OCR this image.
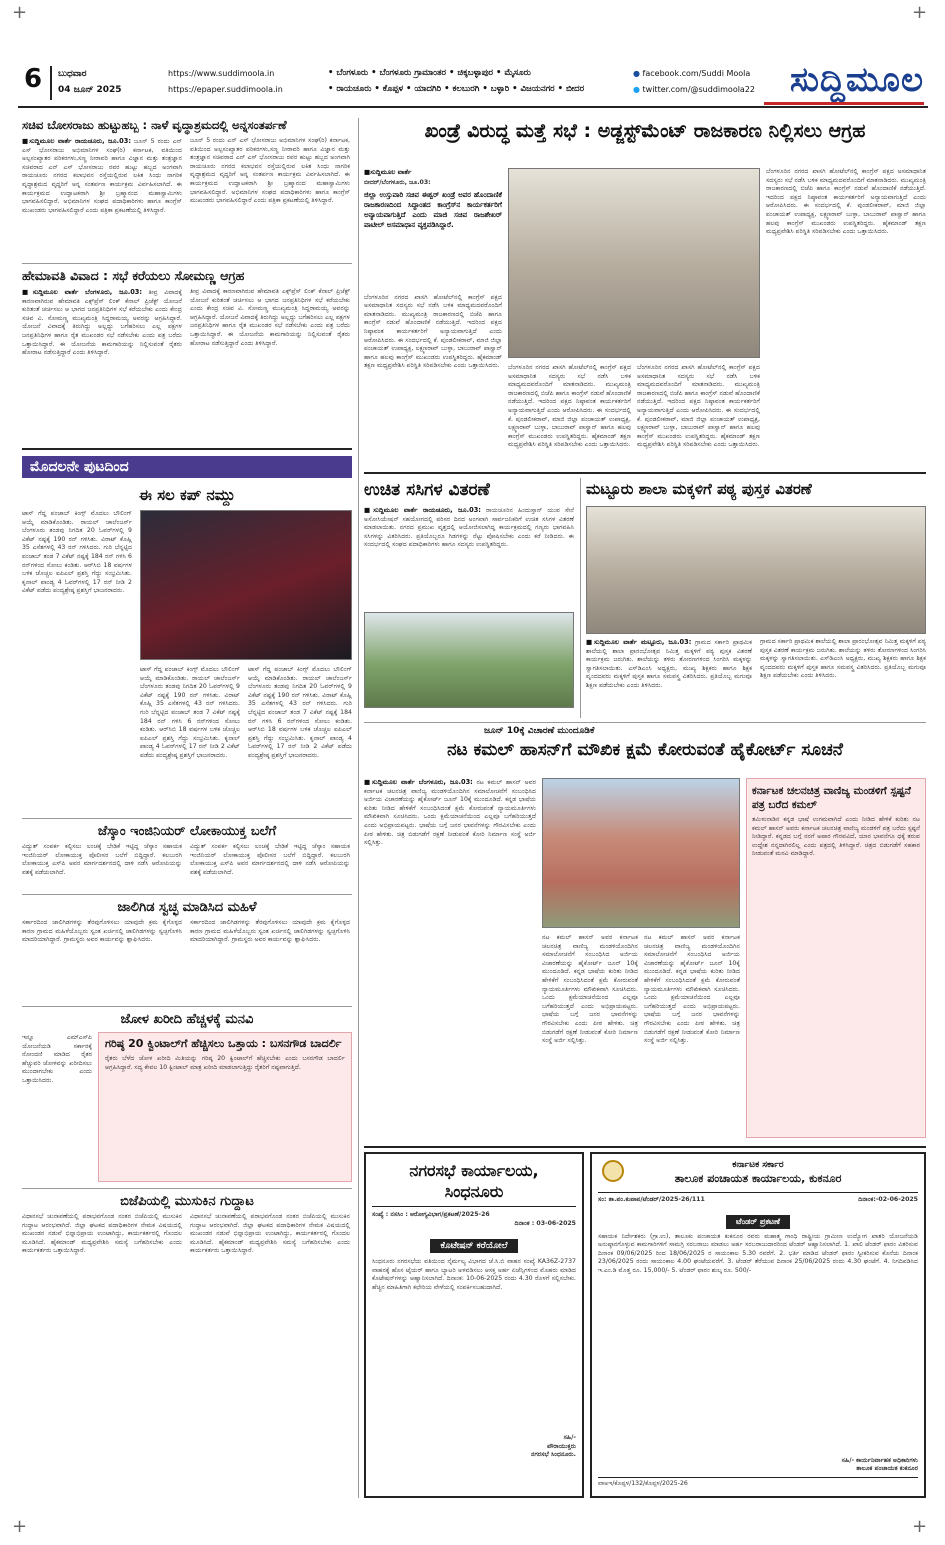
+	+
+	+
6 ಬುಧವಾರ
04 ಜೂನ್ 2025
https://www.suddimoola.in
https://epaper.suddimoola.in
• ಬೆಂಗಳೂರು • ಬೆಂಗಳೂರು ಗ್ರಾಮಾಂತರ • ಚಿಕ್ಕಬಳ್ಳಾಪುರ • ಮೈಸೂರು
• ರಾಯಚೂರು • ಕೊಪ್ಪಳ • ಯಾದಗಿರಿ • ಕಲಬುರಗಿ • ಬಳ್ಳಾರಿ • ವಿಜಯನಗರ • ಬೀದರ
● facebook.com/Suddi Moola
● twitter.com/@suddimoola22 ಸುದ್ದಿಮೂಲ
ಸಚಿವ ಬೋಸರಾಜು ಹುಟ್ಟುಹಬ್ಬ : ನಾಳೆ ವೃದ್ಧಾಶ್ರಮದಲ್ಲಿ ಅನ್ನಸಂತರ್ಪಣೆ
■ಸುದ್ದಿಮೂಲ ವಾರ್ತೆ ರಾಯಚೂರು, ಜೂ.03: ಜೂನ್ 5 ರಂದು ಎನ್ ಎಸ್ ಭೋಸರಾಜು ಅಭಿಮಾನಿಗಳ ಸಂಘ(ರಿ) ಕರ್ನಾಟಕ, ವತಿಯಿಂದ ಅಲ್ಪಸಂಖ್ಯಾತರ ಪರಿಕರಗಳು,ಸಣ್ಣ ನೀರಾವರಿ ಹಾಗೂ ವಿಜ್ಞಾನ ಮತ್ತು ತಂತ್ರಜ್ಞಾನ ಸಚಿವರಾದ ಎನ್ ಎಸ್ ಭೋಸರಾಜು ರವರ ಹುಟ್ಟು ಹಬ್ಬದ ಅಂಗವಾಗಿ ರಾಯಚೂರು ನಗರದ ಕಲಾಭವನ ರಸ್ತೆಯಲ್ಲಿರುವ ಲಕಿತ ಸಿಂಧು ನಾಗರಿಕ ವೃದ್ಧಾಶ್ರಮದ ವೃದ್ಧರಿಗೆ ಅನ್ನ ಸಂತರ್ಪಣ ಕಾರ್ಯಕ್ರಮ ವಿರ್ವಹಿಸಲಾಗಿದೆ. ಈ ಕಾರ್ಯಕ್ರಮದ ಉದ್ಘಾಟಕರಾಗಿ ಶ್ರೀ ಬ್ರಹ್ಮಾನಂದ ಮಹಾಸ್ವಾಮಿಗಳು ಭಾಗವಹಿಸಲಿದ್ದಾರೆ. ಅಭಿಮಾನಿಗಳ ಸಂಘದ ಪದಾಧಿಕಾರಿಗಳು ಹಾಗೂ ಕಾಂಗ್ರೆಸ್ ಮುಖಂಡರು ಭಾಗವಹಿಸಲಿದ್ದಾರೆ ಎಂದು ಪತ್ರಿಕಾ ಪ್ರಕಟಣೆಯಲ್ಲಿ ತಿಳಿಸಿದ್ದಾರೆ.
ಜೂನ್ 5 ರಂದು ಎನ್ ಎಸ್ ಭೋಸರಾಜು ಅಭಿಮಾನಿಗಳ ಸಂಘ(ರಿ) ಕರ್ನಾಟಕ, ವತಿಯಿಂದ ಅಲ್ಪಸಂಖ್ಯಾತರ ಪರಿಕರಗಳು,ಸಣ್ಣ ನೀರಾವರಿ ಹಾಗೂ ವಿಜ್ಞಾನ ಮತ್ತು ತಂತ್ರಜ್ಞಾನ ಸಚಿವರಾದ ಎನ್ ಎಸ್ ಭೋಸರಾಜು ರವರ ಹುಟ್ಟು ಹಬ್ಬದ ಅಂಗವಾಗಿ ರಾಯಚೂರು ನಗರದ ಕಲಾಭವನ ರಸ್ತೆಯಲ್ಲಿರುವ ಲಕಿತ ಸಿಂಧು ನಾಗರಿಕ ವೃದ್ಧಾಶ್ರಮದ ವೃದ್ಧರಿಗೆ ಅನ್ನ ಸಂತರ್ಪಣ ಕಾರ್ಯಕ್ರಮ ವಿರ್ವಹಿಸಲಾಗಿದೆ. ಈ ಕಾರ್ಯಕ್ರಮದ ಉದ್ಘಾಟಕರಾಗಿ ಶ್ರೀ ಬ್ರಹ್ಮಾನಂದ ಮಹಾಸ್ವಾಮಿಗಳು ಭಾಗವಹಿಸಲಿದ್ದಾರೆ. ಅಭಿಮಾನಿಗಳ ಸಂಘದ ಪದಾಧಿಕಾರಿಗಳು ಹಾಗೂ ಕಾಂಗ್ರೆಸ್ ಮುಖಂಡರು ಭಾಗವಹಿಸಲಿದ್ದಾರೆ ಎಂದು ಪತ್ರಿಕಾ ಪ್ರಕಟಣೆಯಲ್ಲಿ ತಿಳಿಸಿದ್ದಾರೆ.
ಹೇಮಾವತಿ ವಿವಾದ : ಸಭೆ ಕರೆಯಲು ಸೋಮಣ್ಣ ಆಗ್ರಹ
■ಸುದ್ದಿಮೂಲ ವಾರ್ತೆ ಬೆಂಗಳೂರು, ಜೂ.03: ತೀವ್ರ ವಿವಾದಕ್ಕೆ ಕಾರಣವಾಗಿರುವ ಹೇಮಾವತಿ ಎಕ್ಸ್‌ಪ್ರೆಸ್ ಲಿಂಕ್ ಕೆನಾಲ್ ಪ್ರಿಜೆಕ್ಟ್ ಯೋಜನೆ ಕುರಿತಂತೆ ಚರ್ಚಿಸಲು ಆ ಭಾಗದ ಜನಪ್ರತಿನಿಧಿಗಳ ಸಭೆ ಕರೆಯಬೇಕು ಎಂದು ಕೇಂದ್ರ ಸಚಿವ ವಿ. ಸೋಮಣ್ಣ ಮುಖ್ಯಮಂತ್ರಿ ಸಿದ್ದರಾಮಯ್ಯ ಅವರನ್ನು ಆಗ್ರಹಿಸಿದ್ದಾರೆ. ಯೋಜನೆ ವಿವಾದಕ್ಕೆ ತಿರುಗಿದ್ದು ಅಲ್ಲದ್ದು ಬಗೆಹರಿಸಲು ಎಲ್ಲ ಪಕ್ಷಗಳ ಜನಪ್ರತಿನಿಧಿಗಳ ಹಾಗೂ ರೈತ ಮುಖಂಡರ ಸಭೆ ನಡೆಸಬೇಕು ಎಂದು ಪತ್ರ ಬರೆದು ಒತ್ತಾಯಿಸಿದ್ದಾರೆ. ಈ ಯೋಜನೆಯ ಕಾಮಗಾರಿಯನ್ನು ನಿಲ್ಲಿಸುವಂತೆ ರೈತರು ಹೋರಾಟ ನಡೆಸುತ್ತಿದ್ದಾರೆ ಎಂದು ತಿಳಿಸಿದ್ದಾರೆ.
ತೀವ್ರ ವಿವಾದಕ್ಕೆ ಕಾರಣವಾಗಿರುವ ಹೇಮಾವತಿ ಎಕ್ಸ್‌ಪ್ರೆಸ್ ಲಿಂಕ್ ಕೆನಾಲ್ ಪ್ರಿಜೆಕ್ಟ್ ಯೋಜನೆ ಕುರಿತಂತೆ ಚರ್ಚಿಸಲು ಆ ಭಾಗದ ಜನಪ್ರತಿನಿಧಿಗಳ ಸಭೆ ಕರೆಯಬೇಕು ಎಂದು ಕೇಂದ್ರ ಸಚಿವ ವಿ. ಸೋಮಣ್ಣ ಮುಖ್ಯಮಂತ್ರಿ ಸಿದ್ದರಾಮಯ್ಯ ಅವರನ್ನು ಆಗ್ರಹಿಸಿದ್ದಾರೆ. ಯೋಜನೆ ವಿವಾದಕ್ಕೆ ತಿರುಗಿದ್ದು ಅಲ್ಲದ್ದು ಬಗೆಹರಿಸಲು ಎಲ್ಲ ಪಕ್ಷಗಳ ಜನಪ್ರತಿನಿಧಿಗಳ ಹಾಗೂ ರೈತ ಮುಖಂಡರ ಸಭೆ ನಡೆಸಬೇಕು ಎಂದು ಪತ್ರ ಬರೆದು ಒತ್ತಾಯಿಸಿದ್ದಾರೆ. ಈ ಯೋಜನೆಯ ಕಾಮಗಾರಿಯನ್ನು ನಿಲ್ಲಿಸುವಂತೆ ರೈತರು ಹೋರಾಟ ನಡೆಸುತ್ತಿದ್ದಾರೆ ಎಂದು ತಿಳಿಸಿದ್ದಾರೆ.
ಮೊದಲನೇ ಪುಟದಿಂದ
ಈ ಸಲ ಕಪ್ ನಮ್ದು
ಟಾಸ್ ಗೆದ್ದ ಪಂಜಾಬ್ ಕಿಂಗ್ಸ್ ಮೊದಲು ಬೌಲಿಂಗ್ ಆಯ್ಕೆ ಮಾಡಿಕೊಂಡಿತು. ರಾಯಲ್ ಚಾಲೆಂಜರ್ಸ್ ಬೆಂಗಳೂರು ತಂಡವು ನಿಗದಿತ 20 ಓವರ್‌ಗಳಲ್ಲಿ 9 ವಿಕೆಟ್ ನಷ್ಟಕ್ಕೆ 190 ರನ್ ಗಳಿಸಿತು. ವಿರಾಟ್ ಕೊಹ್ಲಿ 35 ಎಸೆತಗಳಲ್ಲಿ 43 ರನ್ ಗಳಿಸಿದರು. ಗುರಿ ಬೆನ್ನಟ್ಟಿದ ಪಂಜಾಬ್ ತಂಡ 7 ವಿಕೆಟ್ ನಷ್ಟಕ್ಕೆ 184 ರನ್ ಗಳಿಸಿ 6 ರನ್‌ಗಳಿಂದ ಸೋಲು ಕಂಡಿತು. ಆರ್‌ಸಿಬಿ 18 ವರ್ಷಗಳ ಬಳಿಕ ಚೊಚ್ಚಲ ಐಪಿಎಲ್ ಪ್ರಶಸ್ತಿ ಗೆದ್ದು ಸಂಭ್ರಮಿಸಿತು. ಕೃನಾಲ್ ಪಾಂಡ್ಯ 4 ಓವರ್‌ಗಳಲ್ಲಿ 17 ರನ್ ನೀಡಿ 2 ವಿಕೆಟ್ ಪಡೆದು ಪಂದ್ಯಶ್ರೇಷ್ಠ ಪ್ರಶಸ್ತಿಗೆ ಭಾಜನರಾದರು.
ಟಾಸ್ ಗೆದ್ದ ಪಂಜಾಬ್ ಕಿಂಗ್ಸ್ ಮೊದಲು ಬೌಲಿಂಗ್ ಆಯ್ಕೆ ಮಾಡಿಕೊಂಡಿತು. ರಾಯಲ್ ಚಾಲೆಂಜರ್ಸ್ ಬೆಂಗಳೂರು ತಂಡವು ನಿಗದಿತ 20 ಓವರ್‌ಗಳಲ್ಲಿ 9 ವಿಕೆಟ್ ನಷ್ಟಕ್ಕೆ 190 ರನ್ ಗಳಿಸಿತು. ವಿರಾಟ್ ಕೊಹ್ಲಿ 35 ಎಸೆತಗಳಲ್ಲಿ 43 ರನ್ ಗಳಿಸಿದರು. ಗುರಿ ಬೆನ್ನಟ್ಟಿದ ಪಂಜಾಬ್ ತಂಡ 7 ವಿಕೆಟ್ ನಷ್ಟಕ್ಕೆ 184 ರನ್ ಗಳಿಸಿ 6 ರನ್‌ಗಳಿಂದ ಸೋಲು ಕಂಡಿತು. ಆರ್‌ಸಿಬಿ 18 ವರ್ಷಗಳ ಬಳಿಕ ಚೊಚ್ಚಲ ಐಪಿಎಲ್ ಪ್ರಶಸ್ತಿ ಗೆದ್ದು ಸಂಭ್ರಮಿಸಿತು. ಕೃನಾಲ್ ಪಾಂಡ್ಯ 4 ಓವರ್‌ಗಳಲ್ಲಿ 17 ರನ್ ನೀಡಿ 2 ವಿಕೆಟ್ ಪಡೆದು ಪಂದ್ಯಶ್ರೇಷ್ಠ ಪ್ರಶಸ್ತಿಗೆ ಭಾಜನರಾದರು.
ಟಾಸ್ ಗೆದ್ದ ಪಂಜಾಬ್ ಕಿಂಗ್ಸ್ ಮೊದಲು ಬೌಲಿಂಗ್ ಆಯ್ಕೆ ಮಾಡಿಕೊಂಡಿತು. ರಾಯಲ್ ಚಾಲೆಂಜರ್ಸ್ ಬೆಂಗಳೂರು ತಂಡವು ನಿಗದಿತ 20 ಓವರ್‌ಗಳಲ್ಲಿ 9 ವಿಕೆಟ್ ನಷ್ಟಕ್ಕೆ 190 ರನ್ ಗಳಿಸಿತು. ವಿರಾಟ್ ಕೊಹ್ಲಿ 35 ಎಸೆತಗಳಲ್ಲಿ 43 ರನ್ ಗಳಿಸಿದರು. ಗುರಿ ಬೆನ್ನಟ್ಟಿದ ಪಂಜಾಬ್ ತಂಡ 7 ವಿಕೆಟ್ ನಷ್ಟಕ್ಕೆ 184 ರನ್ ಗಳಿಸಿ 6 ರನ್‌ಗಳಿಂದ ಸೋಲು ಕಂಡಿತು. ಆರ್‌ಸಿಬಿ 18 ವರ್ಷಗಳ ಬಳಿಕ ಚೊಚ್ಚಲ ಐಪಿಎಲ್ ಪ್ರಶಸ್ತಿ ಗೆದ್ದು ಸಂಭ್ರಮಿಸಿತು. ಕೃನಾಲ್ ಪಾಂಡ್ಯ 4 ಓವರ್‌ಗಳಲ್ಲಿ 17 ರನ್ ನೀಡಿ 2 ವಿಕೆಟ್ ಪಡೆದು ಪಂದ್ಯಶ್ರೇಷ್ಠ ಪ್ರಶಸ್ತಿಗೆ ಭಾಜನರಾದರು.
ಜೆಸ್ಕಾಂ ಇಂಜಿನಿಯರ್ ಲೋಕಾಯುಕ್ತ ಬಲೆಗೆ
ವಿದ್ಯುತ್ ಸಂಪರ್ಕ ಕಲ್ಪಿಸಲು ಲಂಚಕ್ಕೆ ಬೇಡಿಕೆ ಇಟ್ಟಿದ್ದ ಜೆಸ್ಕಾಂ ಸಹಾಯಕ ಇಂಜಿನಿಯರ್ ಲೋಕಾಯುಕ್ತ ಪೊಲೀಸರ ಬಲೆಗೆ ಬಿದ್ದಿದ್ದಾರೆ. ಕಲಬುರಗಿ ಲೋಕಾಯುಕ್ತ ಎಸ್‌ಪಿ ಅವರ ಮಾರ್ಗದರ್ಶನದಲ್ಲಿ ದಾಳಿ ನಡೆಸಿ ಆರೋಪಿಯನ್ನು ವಶಕ್ಕೆ ಪಡೆಯಲಾಗಿದೆ.
ವಿದ್ಯುತ್ ಸಂಪರ್ಕ ಕಲ್ಪಿಸಲು ಲಂಚಕ್ಕೆ ಬೇಡಿಕೆ ಇಟ್ಟಿದ್ದ ಜೆಸ್ಕಾಂ ಸಹಾಯಕ ಇಂಜಿನಿಯರ್ ಲೋಕಾಯುಕ್ತ ಪೊಲೀಸರ ಬಲೆಗೆ ಬಿದ್ದಿದ್ದಾರೆ. ಕಲಬುರಗಿ ಲೋಕಾಯುಕ್ತ ಎಸ್‌ಪಿ ಅವರ ಮಾರ್ಗದರ್ಶನದಲ್ಲಿ ದಾಳಿ ನಡೆಸಿ ಆರೋಪಿಯನ್ನು ವಶಕ್ಕೆ ಪಡೆಯಲಾಗಿದೆ.
ಜಾಲಿಗಿಡ ಸ್ವಚ್ಛ ಮಾಡಿಸಿದ ಮಹಿಳೆ
ಸರ್ಕಾರದಿಂದ ಜಾಲಿಗಿಡಗಳನ್ನು ತೆರವುಗೊಳಿಸಲು ಯಾವುದೇ ಕ್ರಮ ಕೈಗೊಳ್ಳದ ಕಾರಣ ಗ್ರಾಮದ ಮಹಿಳೆಯೊಬ್ಬರು ಸ್ವಂತ ಖರ್ಚಿನಲ್ಲಿ ಜಾಲಿಗಿಡಗಳನ್ನು ಸ್ವಚ್ಛಗೊಳಿಸಿ ಮಾದರಿಯಾಗಿದ್ದಾರೆ. ಗ್ರಾಮಸ್ಥರು ಅವರ ಕಾರ್ಯವನ್ನು ಶ್ಲಾಘಿಸಿದರು.
ಸರ್ಕಾರದಿಂದ ಜಾಲಿಗಿಡಗಳನ್ನು ತೆರವುಗೊಳಿಸಲು ಯಾವುದೇ ಕ್ರಮ ಕೈಗೊಳ್ಳದ ಕಾರಣ ಗ್ರಾಮದ ಮಹಿಳೆಯೊಬ್ಬರು ಸ್ವಂತ ಖರ್ಚಿನಲ್ಲಿ ಜಾಲಿಗಿಡಗಳನ್ನು ಸ್ವಚ್ಛಗೊಳಿಸಿ ಮಾದರಿಯಾಗಿದ್ದಾರೆ. ಗ್ರಾಮಸ್ಥರು ಅವರ ಕಾರ್ಯವನ್ನು ಶ್ಲಾಘಿಸಿದರು.
ಜೋಳ ಖರೀದಿ ಹೆಚ್ಚಳಕ್ಕೆ ಮನವಿ
ಇನ್ನೂ ಎಮ್‌ಎಸ್‌ಪಿ ಯೋಜನೆಯಡಿ ಸರ್ಕಾರಕ್ಕೆ ನೋಂದಣಿ ಮಾಡಿದ ರೈತರ ಹೆಚ್ಚುವರಿ ಜೋಳವನ್ನು ಖರೀದಿಸಲು ಮುಂದಾಗಬೇಕು ಎಂದು ಒತ್ತಾಯಿಸಿದರು.
ಗರಿಷ್ಠ 20 ಕ್ವಿಂಟಾಲ್‌ಗೆ ಹೆಚ್ಚಿಸಲು ಒತ್ತಾಯ : ಬಸನಗೌಡ ಬಾದರ್ಲಿ
ರೈತರು ಬೆಳೆದ ಜೋಳ ಖರೀದಿ ಮಿತಿಯನ್ನು ಗರಿಷ್ಠ 20 ಕ್ವಿಂಟಾಲ್‌ಗೆ ಹೆಚ್ಚಿಸಬೇಕು ಎಂದು ಬಸನಗೌಡ ಬಾದರ್ಲಿ ಆಗ್ರಹಿಸಿದ್ದಾರೆ. ಸದ್ಯ ಕೇವಲ 10 ಕ್ವಿಂಟಾಲ್ ಮಾತ್ರ ಖರೀದಿ ಮಾಡಲಾಗುತ್ತಿದ್ದು ರೈತರಿಗೆ ನಷ್ಟವಾಗುತ್ತಿದೆ.
ಬಿಜೆಪಿಯಲ್ಲಿ ಮುಸುಕಿನ ಗುದ್ದಾಟ
ವಿಧಾನಸಭೆ ಚುನಾವಣೆಯಲ್ಲಿ ಪರಾಭವಗೊಂಡ ನಂತರ ಬಿಜೆಪಿಯಲ್ಲಿ ಮುಸುಕಿನ ಗುದ್ದಾಟ ಆರಂಭವಾಗಿದೆ. ಜಿಲ್ಲಾ ಘಟಕದ ಪದಾಧಿಕಾರಿಗಳ ನೇಮಕ ವಿಷಯದಲ್ಲಿ ಮುಖಂಡರ ನಡುವೆ ಭಿನ್ನಾಭಿಪ್ರಾಯ ಉಂಟಾಗಿದ್ದು, ಕಾರ್ಯಕರ್ತರಲ್ಲಿ ಗೊಂದಲ ಮೂಡಿಸಿದೆ. ಹೈಕಮಾಂಡ್ ಮಧ್ಯಪ್ರವೇಶಿಸಿ ಸಮಸ್ಯೆ ಬಗೆಹರಿಸಬೇಕು ಎಂದು ಕಾರ್ಯಕರ್ತರು ಒತ್ತಾಯಿಸಿದ್ದಾರೆ.
ವಿಧಾನಸಭೆ ಚುನಾವಣೆಯಲ್ಲಿ ಪರಾಭವಗೊಂಡ ನಂತರ ಬಿಜೆಪಿಯಲ್ಲಿ ಮುಸುಕಿನ ಗುದ್ದಾಟ ಆರಂಭವಾಗಿದೆ. ಜಿಲ್ಲಾ ಘಟಕದ ಪದಾಧಿಕಾರಿಗಳ ನೇಮಕ ವಿಷಯದಲ್ಲಿ ಮುಖಂಡರ ನಡುವೆ ಭಿನ್ನಾಭಿಪ್ರಾಯ ಉಂಟಾಗಿದ್ದು, ಕಾರ್ಯಕರ್ತರಲ್ಲಿ ಗೊಂದಲ ಮೂಡಿಸಿದೆ. ಹೈಕಮಾಂಡ್ ಮಧ್ಯಪ್ರವೇಶಿಸಿ ಸಮಸ್ಯೆ ಬಗೆಹರಿಸಬೇಕು ಎಂದು ಕಾರ್ಯಕರ್ತರು ಒತ್ತಾಯಿಸಿದ್ದಾರೆ.
ಖಂಡ್ರೆ ವಿರುದ್ಧ ಮತ್ತೆ ಸಭೆ : ಅಡ್ಜಸ್ಟ್‌ಮೆಂಟ್ ರಾಜಕಾರಣ ನಿಲ್ಲಿಸಲು ಆಗ್ರಹ
■ಸುದ್ದಿಮೂಲ ವಾರ್ತೆ
ಬೀದರ್/ಬೆಂಗಳೂರು, ಜೂ.03:
ಜಿಲ್ಲಾ ಉಸ್ತುವಾರಿ ಸಚಿವ ಈಶ್ವರ್ ಖಂಡ್ರೆ ಅವರ ಹೊಂದಾಣಿಕೆ ರಾಜಕಾರಣದಿಂದ ಸಿದ್ಧಾಂತದ ಕಾಂಗ್ರೆಸ್‌ನ ಕಾರ್ಯಕರ್ತರಿಗೆ ಅನ್ಯಾಯವಾಗುತ್ತಿದೆ ಎಂದು ಮಾಜಿ ಸಚಿವ ರಾಜಶೇಖರ್ ಪಾಟೀಲ್ ಅಸಮಾಧಾನ ವ್ಯಕ್ತಪಡಿಸಿದ್ದಾರೆ.
ಬೆಂಗಳೂರಿನ ನಗರದ ಖಾಸಗಿ ಹೋಟೆಲ್‌ನಲ್ಲಿ ಕಾಂಗ್ರೆಸ್ ಪಕ್ಷದ ಅಸಮಾಧಾನಿತ ಸದಸ್ಯರು ಸಭೆ ನಡೆಸಿ ಬಳಿಕ ಮಾಧ್ಯಮದವರೊಂದಿಗೆ ಮಾತನಾಡಿದರು. ಮುಖ್ಯಮಂತ್ರಿ ರಾಜಕಾರಣದಲ್ಲಿ ಬಿಜೆಪಿ ಹಾಗೂ ಕಾಂಗ್ರೆಸ್ ನಡುವೆ ಹೊಂದಾಣಿಕೆ ನಡೆಯುತ್ತಿದೆ. ಇದರಿಂದ ಪಕ್ಷದ ನಿಷ್ಠಾವಂತ ಕಾರ್ಯಕರ್ತರಿಗೆ ಅನ್ಯಾಯವಾಗುತ್ತಿದೆ ಎಂದು ಆರೋಪಿಸಿದರು. ಈ ಸಂದರ್ಭದಲ್ಲಿ ಕೆ. ಪುಂಡಲೀಕರಾವ್, ಮಾಜಿ ಜಿಲ್ಲಾ ಪಂಚಾಯತ್ ಉಪಾಧ್ಯಕ್ಷ, ಲಕ್ಷ್ಮಣರಾವ್ ಬುಳ್ಳಾ, ಬಾಬುರಾವ್ ಪಾಸ್ವಾನ್ ಹಾಗೂ ಹಲವು ಕಾಂಗ್ರೆಸ್ ಮುಖಂಡರು ಉಪಸ್ಥಿತರಿದ್ದರು. ಹೈಕಮಾಂಡ್ ತಕ್ಷಣ ಮಧ್ಯಪ್ರವೇಶಿಸಿ ಪರಿಸ್ಥಿತಿ ಸರಿಪಡಿಸಬೇಕು ಎಂದು ಒತ್ತಾಯಿಸಿದರು.	ಬೆಂಗಳೂರಿನ ನಗರದ ಖಾಸಗಿ ಹೋಟೆಲ್‌ನಲ್ಲಿ ಕಾಂಗ್ರೆಸ್ ಪಕ್ಷದ ಅಸಮಾಧಾನಿತ ಸದಸ್ಯರು ಸಭೆ ನಡೆಸಿ ಬಳಿಕ ಮಾಧ್ಯಮದವರೊಂದಿಗೆ ಮಾತನಾಡಿದರು. ಮುಖ್ಯಮಂತ್ರಿ ರಾಜಕಾರಣದಲ್ಲಿ ಬಿಜೆಪಿ ಹಾಗೂ ಕಾಂಗ್ರೆಸ್ ನಡುವೆ ಹೊಂದಾಣಿಕೆ ನಡೆಯುತ್ತಿದೆ. ಇದರಿಂದ ಪಕ್ಷದ ನಿಷ್ಠಾವಂತ ಕಾರ್ಯಕರ್ತರಿಗೆ ಅನ್ಯಾಯವಾಗುತ್ತಿದೆ ಎಂದು ಆರೋಪಿಸಿದರು. ಈ ಸಂದರ್ಭದಲ್ಲಿ ಕೆ. ಪುಂಡಲೀಕರಾವ್, ಮಾಜಿ ಜಿಲ್ಲಾ ಪಂಚಾಯತ್ ಉಪಾಧ್ಯಕ್ಷ, ಲಕ್ಷ್ಮಣರಾವ್ ಬುಳ್ಳಾ, ಬಾಬುರಾವ್ ಪಾಸ್ವಾನ್ ಹಾಗೂ ಹಲವು ಕಾಂಗ್ರೆಸ್ ಮುಖಂಡರು ಉಪಸ್ಥಿತರಿದ್ದರು. ಹೈಕಮಾಂಡ್ ತಕ್ಷಣ ಮಧ್ಯಪ್ರವೇಶಿಸಿ ಪರಿಸ್ಥಿತಿ ಸರಿಪಡಿಸಬೇಕು ಎಂದು ಒತ್ತಾಯಿಸಿದರು.
ಬೆಂಗಳೂರಿನ ನಗರದ ಖಾಸಗಿ ಹೋಟೆಲ್‌ನಲ್ಲಿ ಕಾಂಗ್ರೆಸ್ ಪಕ್ಷದ ಅಸಮಾಧಾನಿತ ಸದಸ್ಯರು ಸಭೆ ನಡೆಸಿ ಬಳಿಕ ಮಾಧ್ಯಮದವರೊಂದಿಗೆ ಮಾತನಾಡಿದರು. ಮುಖ್ಯಮಂತ್ರಿ ರಾಜಕಾರಣದಲ್ಲಿ ಬಿಜೆಪಿ ಹಾಗೂ ಕಾಂಗ್ರೆಸ್ ನಡುವೆ ಹೊಂದಾಣಿಕೆ ನಡೆಯುತ್ತಿದೆ. ಇದರಿಂದ ಪಕ್ಷದ ನಿಷ್ಠಾವಂತ ಕಾರ್ಯಕರ್ತರಿಗೆ ಅನ್ಯಾಯವಾಗುತ್ತಿದೆ ಎಂದು ಆರೋಪಿಸಿದರು. ಈ ಸಂದರ್ಭದಲ್ಲಿ ಕೆ. ಪುಂಡಲೀಕರಾವ್, ಮಾಜಿ ಜಿಲ್ಲಾ ಪಂಚಾಯತ್ ಉಪಾಧ್ಯಕ್ಷ, ಲಕ್ಷ್ಮಣರಾವ್ ಬುಳ್ಳಾ, ಬಾಬುರಾವ್ ಪಾಸ್ವಾನ್ ಹಾಗೂ ಹಲವು ಕಾಂಗ್ರೆಸ್ ಮುಖಂಡರು ಉಪಸ್ಥಿತರಿದ್ದರು. ಹೈಕಮಾಂಡ್ ತಕ್ಷಣ ಮಧ್ಯಪ್ರವೇಶಿಸಿ ಪರಿಸ್ಥಿತಿ ಸರಿಪಡಿಸಬೇಕು ಎಂದು ಒತ್ತಾಯಿಸಿದರು.
ಬೆಂಗಳೂರಿನ ನಗರದ ಖಾಸಗಿ ಹೋಟೆಲ್‌ನಲ್ಲಿ ಕಾಂಗ್ರೆಸ್ ಪಕ್ಷದ ಅಸಮಾಧಾನಿತ ಸದಸ್ಯರು ಸಭೆ ನಡೆಸಿ ಬಳಿಕ ಮಾಧ್ಯಮದವರೊಂದಿಗೆ ಮಾತನಾಡಿದರು. ಮುಖ್ಯಮಂತ್ರಿ ರಾಜಕಾರಣದಲ್ಲಿ ಬಿಜೆಪಿ ಹಾಗೂ ಕಾಂಗ್ರೆಸ್ ನಡುವೆ ಹೊಂದಾಣಿಕೆ ನಡೆಯುತ್ತಿದೆ. ಇದರಿಂದ ಪಕ್ಷದ ನಿಷ್ಠಾವಂತ ಕಾರ್ಯಕರ್ತರಿಗೆ ಅನ್ಯಾಯವಾಗುತ್ತಿದೆ ಎಂದು ಆರೋಪಿಸಿದರು. ಈ ಸಂದರ್ಭದಲ್ಲಿ ಕೆ. ಪುಂಡಲೀಕರಾವ್, ಮಾಜಿ ಜಿಲ್ಲಾ ಪಂಚಾಯತ್ ಉಪಾಧ್ಯಕ್ಷ, ಲಕ್ಷ್ಮಣರಾವ್ ಬುಳ್ಳಾ, ಬಾಬುರಾವ್ ಪಾಸ್ವಾನ್ ಹಾಗೂ ಹಲವು ಕಾಂಗ್ರೆಸ್ ಮುಖಂಡರು ಉಪಸ್ಥಿತರಿದ್ದರು. ಹೈಕಮಾಂಡ್ ತಕ್ಷಣ ಮಧ್ಯಪ್ರವೇಶಿಸಿ ಪರಿಸ್ಥಿತಿ ಸರಿಪಡಿಸಬೇಕು ಎಂದು ಒತ್ತಾಯಿಸಿದರು.
ಉಚಿತ ಸಸಿಗಳ ವಿತರಣೆ
■ಸುದ್ದಿಮೂಲ ವಾರ್ತೆ ರಾಯಚೂರು, ಜೂ.03: ರಾಯಚೂರಿನ ಹಿಂದುಸ್ತಾನ್ ಯುವ ಸೇನೆ ಅಸೋಸಿಯೇಷನ್ ಸಹಯೋಗದಲ್ಲಿ ಪರಿಸರ ದಿನದ ಅಂಗವಾಗಿ ಸಾರ್ವಜನಿಕರಿಗೆ ಉಚಿತ ಸಸಿಗಳ ವಿತರಣೆ ಮಾಡಲಾಯಿತು. ನಗರದ ಪ್ರಮುಖ ವೃತ್ತದಲ್ಲಿ ಆಯೋಜಿಸಲಾಗಿದ್ದ ಕಾರ್ಯಕ್ರಮದಲ್ಲಿ ಗಣ್ಯರು ಭಾಗವಹಿಸಿ ಸಸಿಗಳನ್ನು ವಿತರಿಸಿದರು. ಪ್ರತಿಯೊಬ್ಬರೂ ಗಿಡಗಳನ್ನು ನೆಟ್ಟು ಪೋಷಿಸಬೇಕು ಎಂದು ಕರೆ ನೀಡಿದರು. ಈ ಸಂದರ್ಭದಲ್ಲಿ ಸಂಘದ ಪದಾಧಿಕಾರಿಗಳು ಹಾಗೂ ಸದಸ್ಯರು ಉಪಸ್ಥಿತರಿದ್ದರು.
ಮಟ್ಟೂರು ಶಾಲಾ ಮಕ್ಕಳಿಗೆ ಪಠ್ಯ ಪುಸ್ತಕ ವಿತರಣೆ
■ಸುದ್ದಿಮೂಲ ವಾರ್ತೆ ಮಟ್ಟೂರು, ಜೂ.03: ಗ್ರಾಮದ ಸರ್ಕಾರಿ ಪ್ರಾಥಮಿಕ ಶಾಲೆಯಲ್ಲಿ ಶಾಲಾ ಪ್ರಾರಂಭೋತ್ಸವ ನಿಮಿತ್ತ ಮಕ್ಕಳಿಗೆ ಪಠ್ಯ ಪುಸ್ತಕ ವಿತರಣೆ ಕಾರ್ಯಕ್ರಮ ಜರುಗಿತು. ಶಾಲೆಯನ್ನು ತಳಿರು ತೋರಣಗಳಿಂದ ಸಿಂಗರಿಸಿ ಮಕ್ಕಳನ್ನು ಸ್ವಾಗತಿಸಲಾಯಿತು. ಎಸ್‌ಡಿಎಂಸಿ ಅಧ್ಯಕ್ಷರು, ಮುಖ್ಯ ಶಿಕ್ಷಕರು ಹಾಗೂ ಶಿಕ್ಷಕ ವೃಂದದವರು ಮಕ್ಕಳಿಗೆ ಪುಸ್ತಕ ಹಾಗೂ ಸಮವಸ್ತ್ರ ವಿತರಿಸಿದರು. ಪ್ರತಿಯೊಬ್ಬ ಮಗುವೂ ಶಿಕ್ಷಣ ಪಡೆಯಬೇಕು ಎಂದು ತಿಳಿಸಿದರು.
ಗ್ರಾಮದ ಸರ್ಕಾರಿ ಪ್ರಾಥಮಿಕ ಶಾಲೆಯಲ್ಲಿ ಶಾಲಾ ಪ್ರಾರಂಭೋತ್ಸವ ನಿಮಿತ್ತ ಮಕ್ಕಳಿಗೆ ಪಠ್ಯ ಪುಸ್ತಕ ವಿತರಣೆ ಕಾರ್ಯಕ್ರಮ ಜರುಗಿತು. ಶಾಲೆಯನ್ನು ತಳಿರು ತೋರಣಗಳಿಂದ ಸಿಂಗರಿಸಿ ಮಕ್ಕಳನ್ನು ಸ್ವಾಗತಿಸಲಾಯಿತು. ಎಸ್‌ಡಿಎಂಸಿ ಅಧ್ಯಕ್ಷರು, ಮುಖ್ಯ ಶಿಕ್ಷಕರು ಹಾಗೂ ಶಿಕ್ಷಕ ವೃಂದದವರು ಮಕ್ಕಳಿಗೆ ಪುಸ್ತಕ ಹಾಗೂ ಸಮವಸ್ತ್ರ ವಿತರಿಸಿದರು. ಪ್ರತಿಯೊಬ್ಬ ಮಗುವೂ ಶಿಕ್ಷಣ ಪಡೆಯಬೇಕು ಎಂದು ತಿಳಿಸಿದರು.
ಜೂನ್ 10ಕ್ಕೆ ವಿಚಾರಣೆ ಮುಂದೂಡಿಕೆ
ನಟ ಕಮಲ್ ಹಾಸನ್‌ಗೆ ಮೌಖಿಕ ಕ್ಷಮೆ ಕೋರುವಂತೆ ಹೈಕೋರ್ಟ್ ಸೂಚನೆ
■ಸುದ್ದಿಮೂಲ ವಾರ್ತೆ ಬೆಂಗಳೂರು, ಜೂ.03: ನಟ ಕಮಲ್ ಹಾಸನ್ ಅವರ ಕರ್ನಾಟಕ ಚಲನಚಿತ್ರ ವಾಣಿಜ್ಯ ಮಂಡಳಿಯೊಂದಿಗಿನ ಸಮಾಲೋಚನೆಗೆ ಸಂಬಂಧಿಸಿದ ಅರ್ಜಿಯ ವಿಚಾರಣೆಯನ್ನು ಹೈಕೋರ್ಟ್ ಜೂನ್ 10ಕ್ಕೆ ಮುಂದೂಡಿದೆ. ಕನ್ನಡ ಭಾಷೆಯ ಕುರಿತು ನೀಡಿದ ಹೇಳಿಕೆಗೆ ಸಂಬಂಧಿಸಿದಂತೆ ಕ್ಷಮೆ ಕೋರುವಂತೆ ನ್ಯಾಯಮೂರ್ತಿಗಳು ಮೌಖಿಕವಾಗಿ ಸೂಚಿಸಿದರು. ಒಂದು ಕ್ಷಮೆಯಾಚನೆಯಿಂದ ಎಲ್ಲವೂ ಬಗೆಹರಿಯುತ್ತದೆ ಎಂದು ಅಭಿಪ್ರಾಯಪಟ್ಟರು. ಭಾಷೆಯ ಬಗ್ಗೆ ಜನರ ಭಾವನೆಗಳನ್ನು ಗೌರವಿಸಬೇಕು ಎಂದು ಪೀಠ ಹೇಳಿತು. ಚಿತ್ರ ಬಿಡುಗಡೆಗೆ ರಕ್ಷಣೆ ನೀಡುವಂತೆ ಕೋರಿ ನಿರ್ಮಾಣ ಸಂಸ್ಥೆ ಅರ್ಜಿ ಸಲ್ಲಿಸಿತ್ತು.
ನಟ ಕಮಲ್ ಹಾಸನ್ ಅವರ ಕರ್ನಾಟಕ ಚಲನಚಿತ್ರ ವಾಣಿಜ್ಯ ಮಂಡಳಿಯೊಂದಿಗಿನ ಸಮಾಲೋಚನೆಗೆ ಸಂಬಂಧಿಸಿದ ಅರ್ಜಿಯ ವಿಚಾರಣೆಯನ್ನು ಹೈಕೋರ್ಟ್ ಜೂನ್ 10ಕ್ಕೆ ಮುಂದೂಡಿದೆ. ಕನ್ನಡ ಭಾಷೆಯ ಕುರಿತು ನೀಡಿದ ಹೇಳಿಕೆಗೆ ಸಂಬಂಧಿಸಿದಂತೆ ಕ್ಷಮೆ ಕೋರುವಂತೆ ನ್ಯಾಯಮೂರ್ತಿಗಳು ಮೌಖಿಕವಾಗಿ ಸೂಚಿಸಿದರು. ಒಂದು ಕ್ಷಮೆಯಾಚನೆಯಿಂದ ಎಲ್ಲವೂ ಬಗೆಹರಿಯುತ್ತದೆ ಎಂದು ಅಭಿಪ್ರಾಯಪಟ್ಟರು. ಭಾಷೆಯ ಬಗ್ಗೆ ಜನರ ಭಾವನೆಗಳನ್ನು ಗೌರವಿಸಬೇಕು ಎಂದು ಪೀಠ ಹೇಳಿತು. ಚಿತ್ರ ಬಿಡುಗಡೆಗೆ ರಕ್ಷಣೆ ನೀಡುವಂತೆ ಕೋರಿ ನಿರ್ಮಾಣ ಸಂಸ್ಥೆ ಅರ್ಜಿ ಸಲ್ಲಿಸಿತ್ತು.
ನಟ ಕಮಲ್ ಹಾಸನ್ ಅವರ ಕರ್ನಾಟಕ ಚಲನಚಿತ್ರ ವಾಣಿಜ್ಯ ಮಂಡಳಿಯೊಂದಿಗಿನ ಸಮಾಲೋಚನೆಗೆ ಸಂಬಂಧಿಸಿದ ಅರ್ಜಿಯ ವಿಚಾರಣೆಯನ್ನು ಹೈಕೋರ್ಟ್ ಜೂನ್ 10ಕ್ಕೆ ಮುಂದೂಡಿದೆ. ಕನ್ನಡ ಭಾಷೆಯ ಕುರಿತು ನೀಡಿದ ಹೇಳಿಕೆಗೆ ಸಂಬಂಧಿಸಿದಂತೆ ಕ್ಷಮೆ ಕೋರುವಂತೆ ನ್ಯಾಯಮೂರ್ತಿಗಳು ಮೌಖಿಕವಾಗಿ ಸೂಚಿಸಿದರು. ಒಂದು ಕ್ಷಮೆಯಾಚನೆಯಿಂದ ಎಲ್ಲವೂ ಬಗೆಹರಿಯುತ್ತದೆ ಎಂದು ಅಭಿಪ್ರಾಯಪಟ್ಟರು. ಭಾಷೆಯ ಬಗ್ಗೆ ಜನರ ಭಾವನೆಗಳನ್ನು ಗೌರವಿಸಬೇಕು ಎಂದು ಪೀಠ ಹೇಳಿತು. ಚಿತ್ರ ಬಿಡುಗಡೆಗೆ ರಕ್ಷಣೆ ನೀಡುವಂತೆ ಕೋರಿ ನಿರ್ಮಾಣ ಸಂಸ್ಥೆ ಅರ್ಜಿ ಸಲ್ಲಿಸಿತ್ತು.
ಕರ್ನಾಟಕ ಚಲನಚಿತ್ರ ವಾಣಿಜ್ಯ ಮಂಡಳಿಗೆ ಸ್ಪಷ್ಟನೆ ಪತ್ರ ಬರೆದ ಕಮಲ್
ತಮಿಳುನಾಡಿನ ಕನ್ನಡ ಭಾಷೆ ಉಗಮವಾಗಿದೆ ಎಂದು ನೀಡಿದ ಹೇಳಿಕೆ ಕುರಿತು ನಟ ಕಮಲ್ ಹಾಸನ್ ಅವರು ಕರ್ನಾಟಕ ಚಲನಚಿತ್ರ ವಾಣಿಜ್ಯ ಮಂಡಳಿಗೆ ಪತ್ರ ಬರೆದು ಸ್ಪಷ್ಟನೆ ನೀಡಿದ್ದಾರೆ. ಕನ್ನಡದ ಬಗ್ಗೆ ನನಗೆ ಅಪಾರ ಗೌರವವಿದೆ, ಯಾರ ಭಾವನೆಗೂ ಧಕ್ಕೆ ತರುವ ಉದ್ದೇಶ ನನ್ನದಾಗಿರಲಿಲ್ಲ ಎಂದು ಪತ್ರದಲ್ಲಿ ತಿಳಿಸಿದ್ದಾರೆ. ಚಿತ್ರದ ಬಿಡುಗಡೆಗೆ ಸಹಕಾರ ನೀಡುವಂತೆ ಮನವಿ ಮಾಡಿದ್ದಾರೆ.
ನಗರಸಭೆ ಕಾರ್ಯಾಲಯ,
ಸಿಂಧನೂರು
ಸಂಖ್ಯೆ : ನಸಸಿಂ : ಆರೋಗ್ಯವಿಭಾಗ/ಪ್ರಕಟಣೆ/2025-26
ದಿನಾಂಕ : 03-06-2025
ಕೊಟೇಷನ್ ಕರೆಯೋಲೆ
ಸಿಂಧನೂರು ನಗರಸಭೆಯ ವತಿಯಿಂದ ನೈರ್ಮಲ್ಯ ವಿಭಾಗದ ಜೆ.ಸಿ.ಬಿ ವಾಹನ ಸಂಖ್ಯೆ KA36Z-2737 ವಾಹನಕ್ಕೆ ಹೊಸ ಟೈಯರ್ ಹಾಗೂ ಬ್ಯಾಟರಿ ಅಳವಡಿಸಲು ಆಸಕ್ತ ಅರ್ಹ ಏಜೆನ್ಸಿಗಳಿಂದ ಮೊಹರು ಮಾಡಿದ ಕೊಟೇಷನ್‌ಗಳನ್ನು ಆಹ್ವಾನಿಸಲಾಗಿದೆ. ದಿನಾಂಕ: 10-06-2025 ರಂದು 4.30 ರೊಳಗೆ ಸಲ್ಲಿಸಬೇಕು. ಹೆಚ್ಚಿನ ಮಾಹಿತಿಗಾಗಿ ಕಛೇರಿಯ ವೇಳೆಯಲ್ಲಿ ಸಂಪರ್ಕಿಸಬಹುದಾಗಿದೆ.
ಸಹಿ/-
ಪೌರಾಯುಕ್ತರು
ನಗರಸಭೆ ಸಿಂಧನೂರು.
ಕರ್ನಾಟಕ ಸರ್ಕಾರ
ತಾಲೂಕ ಪಂಚಾಯತ ಕಾರ್ಯಾಲಯ, ಕುಕನೂರ
ಸಂ: ತಾ.ಪಂ.ಕುಪಾಪ/ಟೆಂಡರ್/2025-26/111	ದಿನಾಂಕ:-02-06-2025
ಟೆಂಡರ್ ಪ್ರಕಟಣೆ
ಸಹಾಯಕ ನಿರ್ದೇಶಕರು (ಗ್ರಾ.ಉ), ತಾಲೂಕು ಪಂಚಾಯತ ಕುಕನೂರ ರವರು ಮಹಾತ್ಮ ಗಾಂಧಿ ರಾಷ್ಟ್ರೀಯ ಗ್ರಾಮೀಣ ಉದ್ಯೋಗ ಖಾತರಿ ಯೋಜನೆಯಡಿ ಅನುಷ್ಠಾನಗೊಳ್ಳುವ ಕಾಮಗಾರಿಗಳಿಗೆ ಸಾಮಗ್ರಿ ಸರಬರಾಜು ಮಾಡಲು ಅರ್ಹ ಸರಬರಾಜುದಾರರಿಂದ ಟೆಂಡರ್ ಆಹ್ವಾನಿಸಲಾಗಿದೆ. 1. ಖಾಲಿ ಟೆಂಡರ್ ಫಾರಂ ವಿತರಿಸುವ ದಿನಾಂಕ 09/06/2025 ರಿಂದ 18/06/2025 ರ ಸಾಯಂಕಾಲ 5.30 ರವರೆಗೆ. 2. ಭರ್ತಿ ಮಾಡಿದ ಟೆಂಡರ್ ಫಾರಂ ಸ್ವೀಕರಿಸುವ ಕೊನೆಯ ದಿನಾಂಕ 23/06/2025 ರಂದು ಸಾಯಂಕಾಲ 4.00 ಘಂಟೆಯವರೆಗೆ. 3. ಟೆಂಡರ್ ತೆರೆಯುವ ದಿನಾಂಕ 25/06/2025 ರಂದು 4.30 ಘಂಟೆಗೆ. 4. ನಿಗದಿಪಡಿಸಿದ ಇ.ಎಂ.ಡಿ ಮೊತ್ತ ರೂ. 15,000/- 5. ಟೆಂಡರ್ ಫಾರಂ ಶುಲ್ಕ ರೂ. 500/-
ಸಹಿ/- ಕಾರ್ಯನಿರ್ವಾಹಕ ಅಧಿಕಾರಿಗಳು
ತಾಲೂಕ ಪಂಚಾಯತ ಕುಕನೂರ
ವಾಅಇ/ಕೊಪ್ಪಳ/132/ಕೊಪ್ಪಳ/2025-26
